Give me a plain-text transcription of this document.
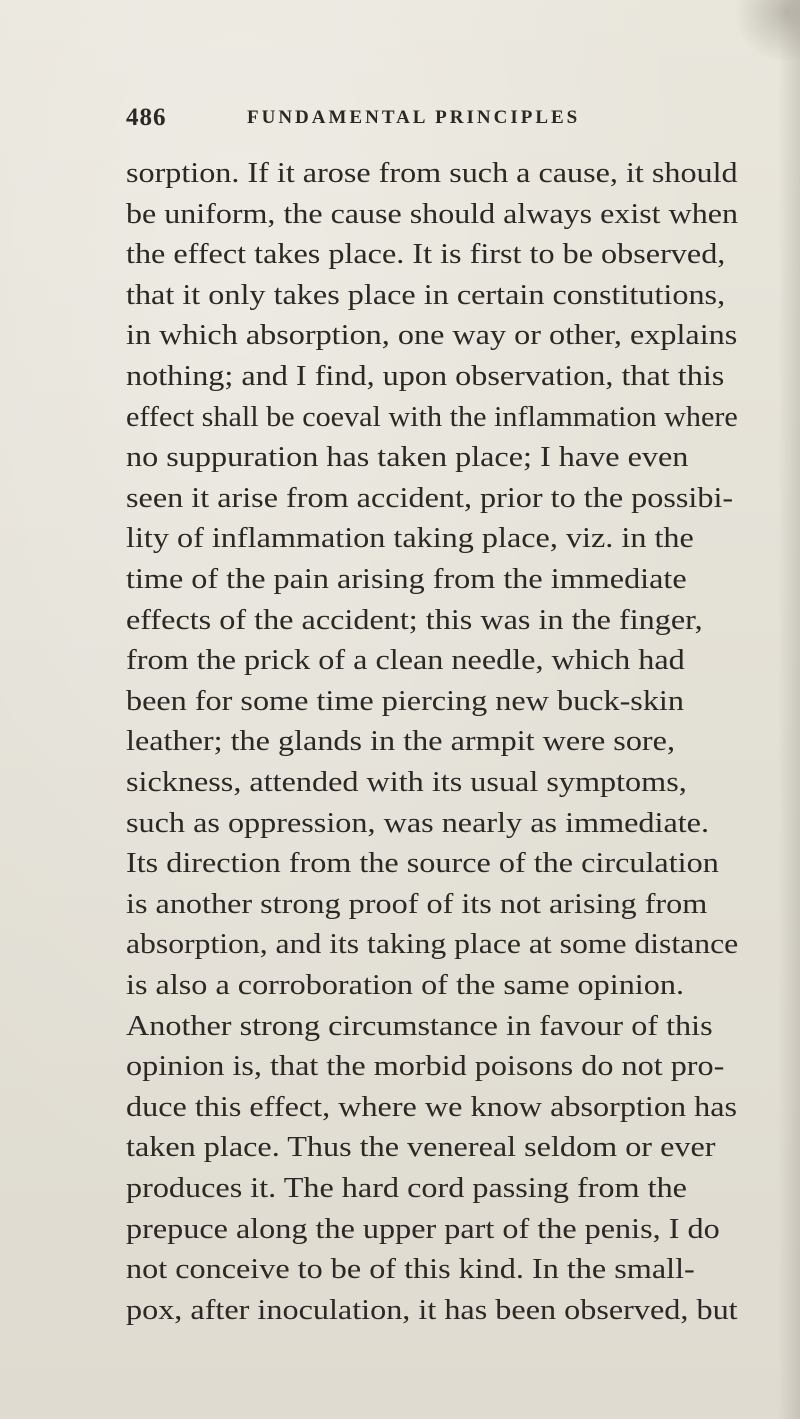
486	FUNDAMENTAL PRINCIPLES
sorption. If it arose from such a cause, it should
be uniform, the cause should always exist when
the effect takes place. It is first to be observed,
that it only takes place in certain constitutions,
in which absorption, one way or other, explains
nothing; and I find, upon observation, that this
effect shall be coeval with the inflammation where
no suppuration has taken place; I have even
seen it arise from accident, prior to the possibi-
lity of inflammation taking place, viz. in the
time of the pain arising from the immediate
effects of the accident; this was in the finger,
from the prick of a clean needle, which had
been for some time piercing new buck-skin
leather; the glands in the armpit were sore,
sickness, attended with its usual symptoms,
such as oppression, was nearly as immediate.
Its direction from the source of the circulation
is another strong proof of its not arising from
absorption, and its taking place at some distance
is also a corroboration of the same opinion.
Another strong circumstance in favour of this
opinion is, that the morbid poisons do not pro-
duce this effect, where we know absorption has
taken place. Thus the venereal seldom or ever
produces it. The hard cord passing from the
prepuce along the upper part of the penis, I do
not conceive to be of this kind. In the small-
pox, after inoculation, it has been observed, but
